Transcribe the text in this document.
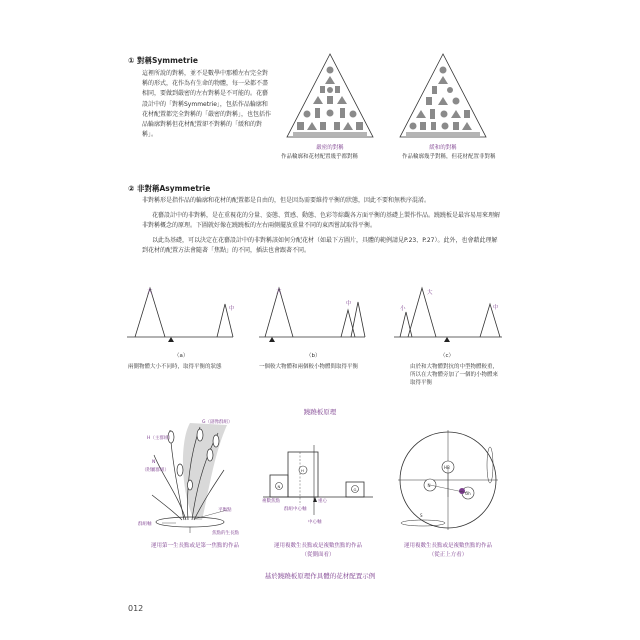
① 對稱Symmetrie
這裡所說的對稱，並不是數學中那種左右完全對稱的形式，花作為有生命的物體，每一朵都不盡相同，要做到嚴密的左右對稱是不可能的。花藝設計中的「對稱Symmetrie」，包括作品輪廓和花材配置都完全對稱的「嚴密的對稱」，也包括作品輪廓對稱但花材配置卻不對稱的「緩和的對稱」。
嚴密的對稱
作品輪廓和花材配置幾乎都對稱
緩和的對稱
作品輪廓幾乎對稱，但花材配置非對稱
② 非對稱Asymmetrie
非對稱形是指作品的輪廓和花材的配置都是自由的，但是因為需要維持平衡的狀態，因此不要和無秩序混淆。
花藝設計中的非對稱，是在重視花的分量、姿態、質感、動態、色彩等綜觀各方面平衡的基礎上製作作品。蹺蹺板是最容易用來理解非對稱概念的原理。下圖就好像在蹺蹺板的左右兩側擺放重量不同的東西嘗試取得平衡。
以此為基礎，可以決定在花藝設計中的非對稱該如何分配花材（如最下方圖片，具體的範例請見P.23、P.27）。此外，也會藉此理解到花材的配置方法會隨著「焦點」的不同，插法也會跟著不同。
大
中
（a）
兩側物體大小不同時，取得平衡的狀態
大
中
（b）
一個較大物體和兩個較小物體間取得平衡
大
小	中
（c）
由於和大物體對抗的中型物體較重，所以在大物體旁加了一個的小物體來取得平衡
蹺蹺板原理
G（副像群組）
H（主群組）
N
（附屬群組）
平衡點
群組軸
焦點的生長點
運用第一生長點或是第一焦點的作品
H
G
N
複數焦點	重心
群組中心軸
中心軸
運用複數生長點或是複數焦點的作品
（從側面看）
HB
N
Gh
S
運用複數生長點或是複數焦點的作品
（從正上方看）
基於蹺蹺板原理作具體的花材配置示例
012
